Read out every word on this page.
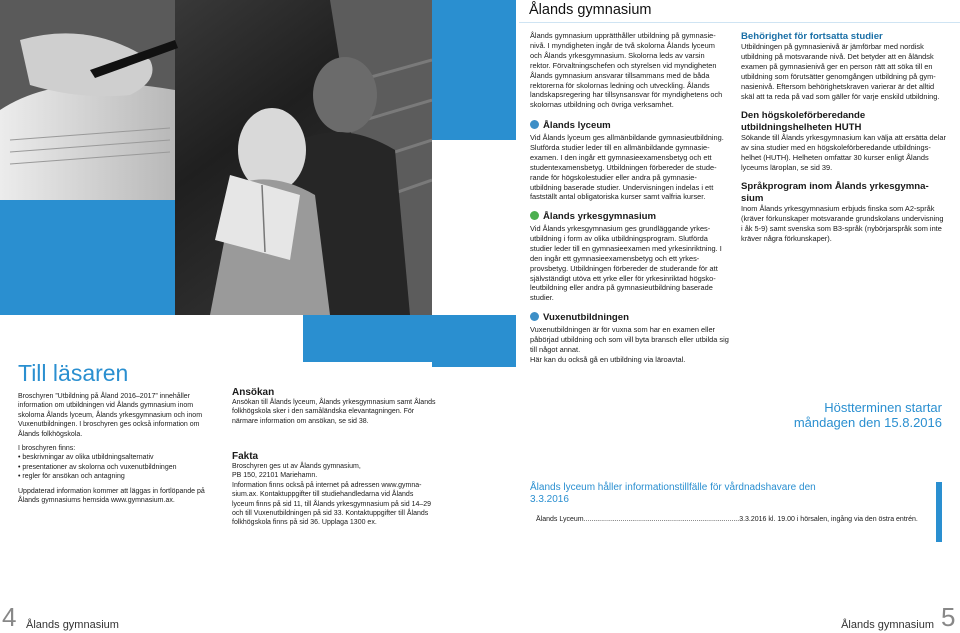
Ålands gymnasium
Ålands gymnasium upprätthåller utbildning på gymnasienivå. I myndigheten ingår de två skolorna Ålands lyceum och Ålands yrkesgymnasium. Skolorna leds av varsin rektor. Förvaltningschefen och styrelsen vid myndigheten Ålands gymnasium ansvarar tillsammans med de båda rektorerna för skolornas ledning och utveckling. Ålands landskapsregering har tillsynsansvar för myndighetens och skolornas utbildning och övriga verksamhet.
Ålands lyceum

Vid Ålands lyceum ges allmänbildande gymnasieutbildning. Slutförda studier leder till en allmänbildande gymnasieexamen. I den ingår ett gymnasieexamensbetyg och ett studentexamensbetyg. Utbildningen förbereder de studerande för högskolestudier eller andra på gymnasieutbildning baserade studier. Undervisningen indelas i ett fastställt antal obligatoriska kurser samt valfria kurser.

Ålands yrkesgymnasium

Vid Ålands yrkesgymnasium ges grundläggande yrkesutbildning i form av olika utbildningsprogram. Slutförda studier leder till en gymnasieexamen med yrkesinriktning. I den ingår ett gymnasieexamensbetyg och ett yrkesprovsbetyg. Utbildningen förbereder de studerande för att självständigt utöva ett yrke eller för yrkesinriktad högskoleutbildning eller andra på gymnasieutbildning baserade studier.

Vuxenutbildningen

Vuxenutbildningen är för vuxna som har en examen eller påbörjad utbildning och som vill byta bransch eller utbilda sig till något annat.

Här kan du också gå en utbildning via läroavtal.

Behörighet för fortsatta studier

Utbildningen på gymnasienivå är jämförbar med nordisk utbildning på motsvarande nivå. Det betyder att en åländsk examen på gymnasienivå ger en person rätt att söka till en utbildning som förutsätter genomgången utbildning på gymnasienivå. Eftersom behörighetskraven varierar är det alltid skäl att ta reda på vad som gäller för varje enskild utbildning.

Den högskoleförberedande utbildningshelheten HUTH

Sökande till Ålands yrkesgymnasium kan välja att ersätta delar av sina studier med en högskoleförberedande utbildningshelhet (HUTH). Helheten omfattar 30 kurser enligt Ålands lyceums läroplan, se sid 39.

Språkprogram inom Ålands yrkesgymnasium

Inom Ålands yrkesgymnasium erbjuds finska som A2-språk (kräver förkunskaper motsvarande grundskolans undervisning i åk 5-9) samt svenska som B3-språk (nybörjarspråk som inte kräver några förkunskaper).

Till läsaren

Broschyren ”Utbildning på Åland 2016–2017” innehåller information om utbildningen vid Ålands gymnasium inom skolorna Ålands lyceum, Ålands yrkesgymnasium och inom Vuxenutbildningen. I broschyren ges också information om Ålands folkhögskola.

I broschyren finns:

• beskrivningar av olika utbildningsalternativ

• presentationer av skolorna och vuxenutbildningen

• regler för ansökan och antagning

Uppdaterad information kommer att läggas in fortlöpande på Ålands gymnasiums hemsida www.gymnasium.ax.

Ansökan

Ansökan till Ålands lyceum, Ålands yrkesgymnasium samt Ålands folkhögskola sker i den samåländska elevantagningen. För närmare information om ansökan, se sid 38.

Fakta

Broschyren ges ut av Ålands gymnasium,

PB 150, 22101 Mariehamn.

Information finns också på internet på adressen www.gymnasium.ax. Kontaktuppgifter till studiehandledarna vid Ålands lyceum finns på sid 11, till Ålands yrkesgymnasium på sid 14–29 och till Vuxenutbildningen på sid 33. Kontaktuppgifter till Ålands folkhögskola finns på sid 36. Upplaga 1300 ex.

Höstterminen startar
måndagen den 15.8.2016
Ålands lyceum håller informationstillfälle för vårdnadshavare den 3.3.2016
Ålands Lyceum................................................................................3.3.2016 kl. 19.00 i hörsalen, ingång via den östra entrén.
4 Ålands gymnasium	Ålands gymnasium 5
